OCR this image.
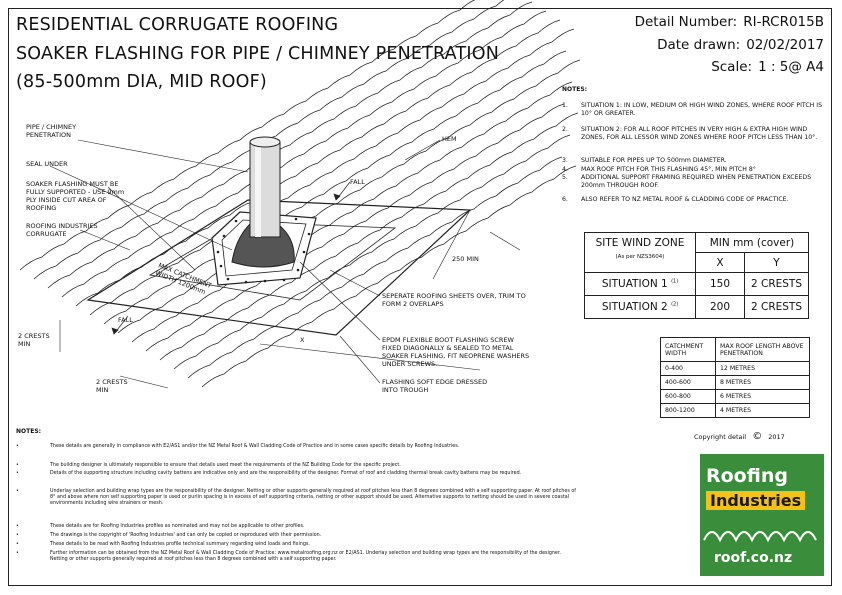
RESIDENTIAL CORRUGATE ROOFING
SOAKER FLASHING FOR PIPE / CHIMNEY PENETRATION
(85-500mm DIA, MID ROOF)
Detail Number: RI-RCR015B
Date drawn: 02/02/2017
Scale: 1 : 5@ A4
NOTES:
1. SITUATION 1: IN LOW, MEDIUM OR HIGH WIND ZONES, WHERE ROOF PITCH IS 10° OR GREATER.
2. SITUATION 2: FOR ALL ROOF PITCHES IN VERY HIGH & EXTRA HIGH WIND ZONES, FOR ALL LESSOR WIND ZONES WHERE ROOF PITCH LESS THAN 10°.
3. SUITABLE FOR PIPES UP TO 500mm DIAMETER.
4. MAX ROOF PITCH FOR THIS FLASHING 45°, MIN PITCH 8°
5. ADDITIONAL SUPPORT FRAMING REQUIRED WHEN PENETRATION EXCEEDS 200mm THROUGH ROOF.
6. ALSO REFER TO NZ METAL ROOF & CLADDING CODE OF PRACTICE.
SITE WIND ZONE
(As per NZS3604)	MIN mm (cover)	
	X	Y
SITUATION 1 $^{(1)}$	150	2 CRESTS
SITUATION 2 $^{(2)}$	200	2 CRESTS
CATCHMENT WIDTH	MAX ROOF LENGTH ABOVE PENETRATION
0-400	12 METRES
400-600	8 METRES
600-800	6 METRES
800-1200	4 METRES
PIPE / CHIMNEY PENETRATION
SEAL UNDER
SOAKER FLASHING MUST BE FULLY SUPPORTED - USE 9mm PLY INSIDE CUT AREA OF ROOFING
ROOFING INDUSTRIES CORRUGATE
HEM
FALL
FALL
MAX CATCHMENT WIDTH 1200mm
250 MIN
SEPERATE ROOFING SHEETS OVER, TRIM TO FORM 2 OVERLAPS
EPDM FLEXIBLE BOOT FLASHING SCREW FIXED DIAGONALLY & SEALED TO METAL SOAKER FLASHING, FIT NEOPRENE WASHERS UNDER SCREWS.
X
2 CRESTS MIN
2 CRESTS MIN
FLASHING SOFT EDGE DRESSED INTO TROUGH
NOTES:
•	These details are generally in compliance with E2/AS1 and/or the NZ Metal Roof & Wall Cladding Code of Practice and in some cases specific details by Roofing Industries.
•	The building designer is ultimately responsible to ensure that details used meet the requirements of the NZ Building Code for the specific project.
•	Details of the supporting structure including cavity battens are indicative only and are the responsibility of the designer. Format of roof and cladding thermal break cavity battens may be required.
•	Underlay selection and building wrap types are the responsibility of the designer. Netting or other supports generally required at roof pitches less than 8 degrees combined with a self supporting paper. At roof pitches of 8° and above where non self supporting paper is used or purlin spacing is in excess of self supporting criteria, netting or other support should be used. Alternative supports to netting should be used in severe coastal environments including wire strainers or mesh.
•	These details are for Roofing Industries profiles as nominated and may not be applicable to other profiles.
•	The drawings is the copyright of 'Roofing Industries' and can only be copied or reproduced with their permission.
•	These details to be read with Roofing Industries profile technical summary regarding wind loads and fixings.
•	Further information can be obtained from the NZ Metal Roof & Wall Cladding Code of Practice: www.metalroofing.org.nz or E2/AS1. Underlay selection and building wrap types are the responsibility of the designer. Netting or other supports generally required at roof pitches less than 8 degrees combined with a self supporting paper.
Copyright detail © 2017
Roofing
Industries
roof.co.nz
